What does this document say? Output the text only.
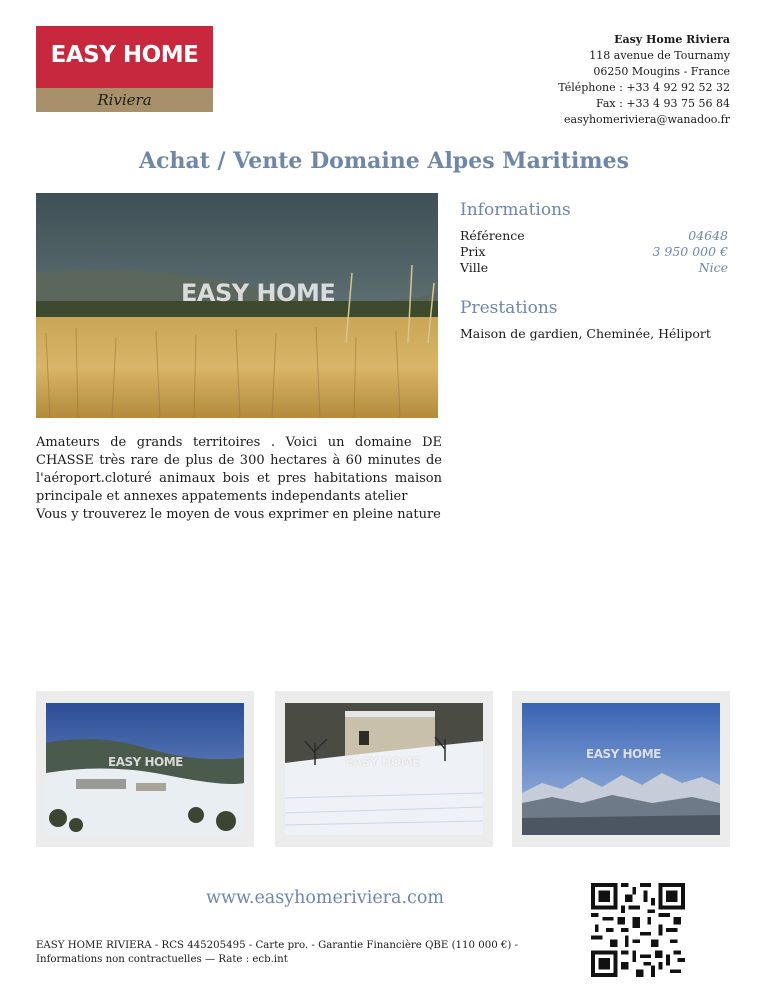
EASY HOME
Riviera
Easy Home Riviera
118 avenue de Tournamy
06250 Mougins - France
Téléphone : +33 4 92 92 52 32
Fax : +33 4 93 75 56 84
easyhomeriviera@wanadoo.fr
Achat / Vente Domaine Alpes Maritimes
EASY HOME
Informations
Référence	04648
Prix	3 950 000 €
Ville	Nice
Prestations
Maison de gardien, Cheminée, Héliport

Amateurs de grands territoires . Voici un domaine DE CHASSE très rare de plus de 300 hectares à 60 minutes de l'aéroport.cloturé animaux bois et pres habitations maison principale et annexes appatements independants atelier

Vous y trouverez le moyen de vous exprimer en pleine nature

EASY HOME	EASY HOME
EASY HOME
www.easyhomeriviera.com
EASY HOME RIVIERA - RCS 445205495 - Carte pro. - Garantie Financière QBE (110 000 €) -
Informations non contractuelles — Rate : ecb.int
